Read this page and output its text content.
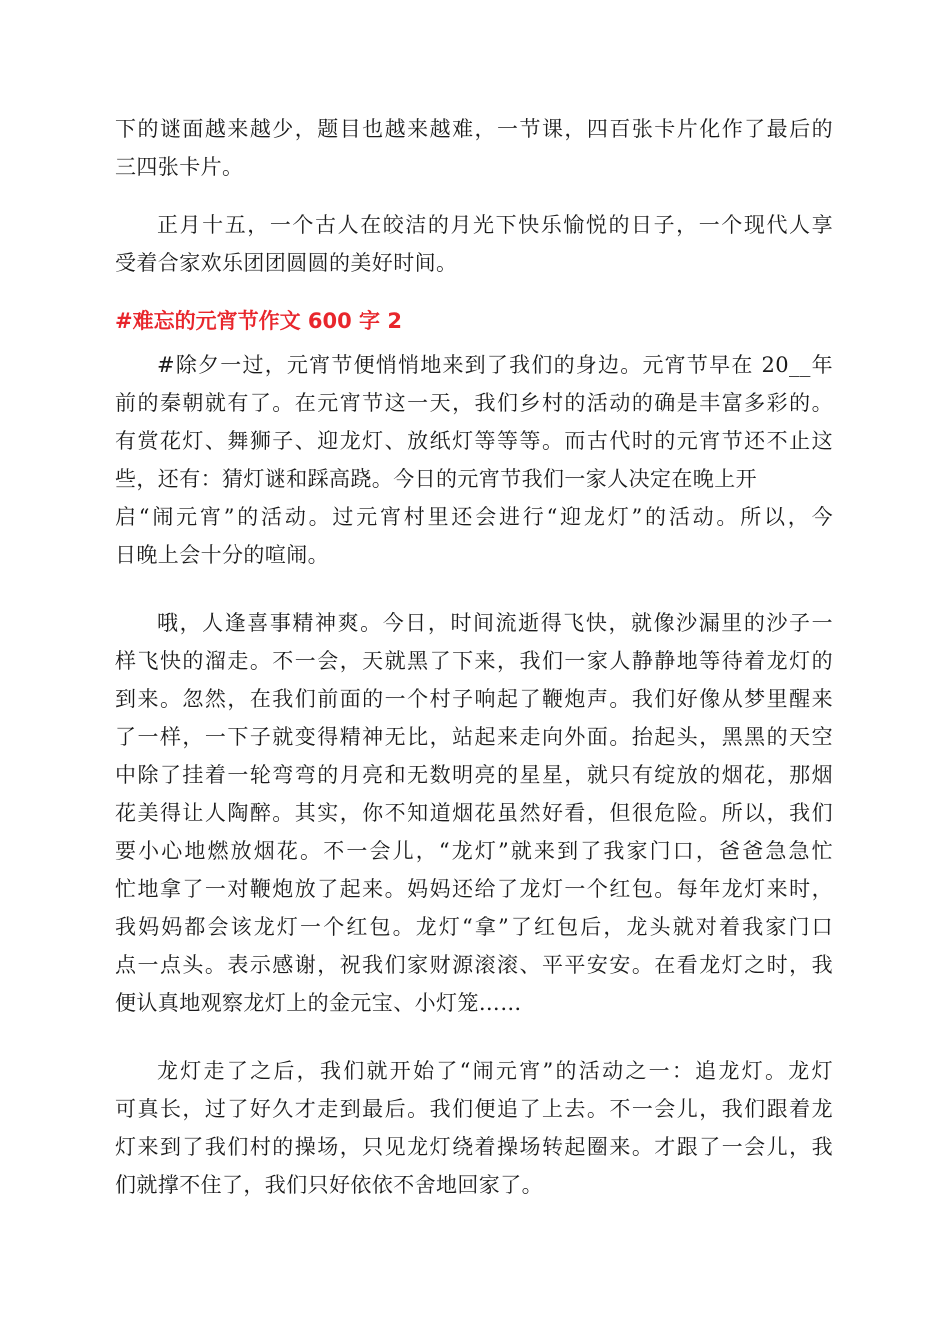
下的谜面越来越少，题目也越来越难，一节课，四百张卡片化作了最后的
三四张卡片。
正月十五，一个古人在皎洁的月光下快乐愉悦的日子，一个现代人享
受着合家欢乐团团圆圆的美好时间。
#难忘的元宵节作文 600 字 2
#除夕一过，元宵节便悄悄地来到了我们的身边。元宵节早在 20__年
前的秦朝就有了。在元宵节这一天，我们乡村的活动的确是丰富多彩的。
有赏花灯、舞狮子、迎龙灯、放纸灯等等等。而古代时的元宵节还不止这
些，还有：猜灯谜和踩高跷。今日的元宵节我们一家人决定在晚上开
启“闹元宵”的活动。过元宵村里还会进行“迎龙灯”的活动。所以，今
日晚上会十分的喧闹。
哦，人逢喜事精神爽。今日，时间流逝得飞快，就像沙漏里的沙子一
样飞快的溜走。不一会，天就黑了下来，我们一家人静静地等待着龙灯的
到来。忽然，在我们前面的一个村子响起了鞭炮声。我们好像从梦里醒来
了一样，一下子就变得精神无比，站起来走向外面。抬起头，黑黑的天空
中除了挂着一轮弯弯的月亮和无数明亮的星星，就只有绽放的烟花，那烟
花美得让人陶醉。其实，你不知道烟花虽然好看，但很危险。所以，我们
要小心地燃放烟花。不一会儿，“龙灯”就来到了我家门口，爸爸急急忙
忙地拿了一对鞭炮放了起来。妈妈还给了龙灯一个红包。每年龙灯来时，
我妈妈都会该龙灯一个红包。龙灯“拿”了红包后，龙头就对着我家门口
点一点头。表示感谢，祝我们家财源滚滚、平平安安。在看龙灯之时，我
便认真地观察龙灯上的金元宝、小灯笼……
龙灯走了之后，我们就开始了“闹元宵”的活动之一：追龙灯。龙灯
可真长，过了好久才走到最后。我们便追了上去。不一会儿，我们跟着龙
灯来到了我们村的操场，只见龙灯绕着操场转起圈来。才跟了一会儿，我
们就撑不住了，我们只好依依不舍地回家了。
